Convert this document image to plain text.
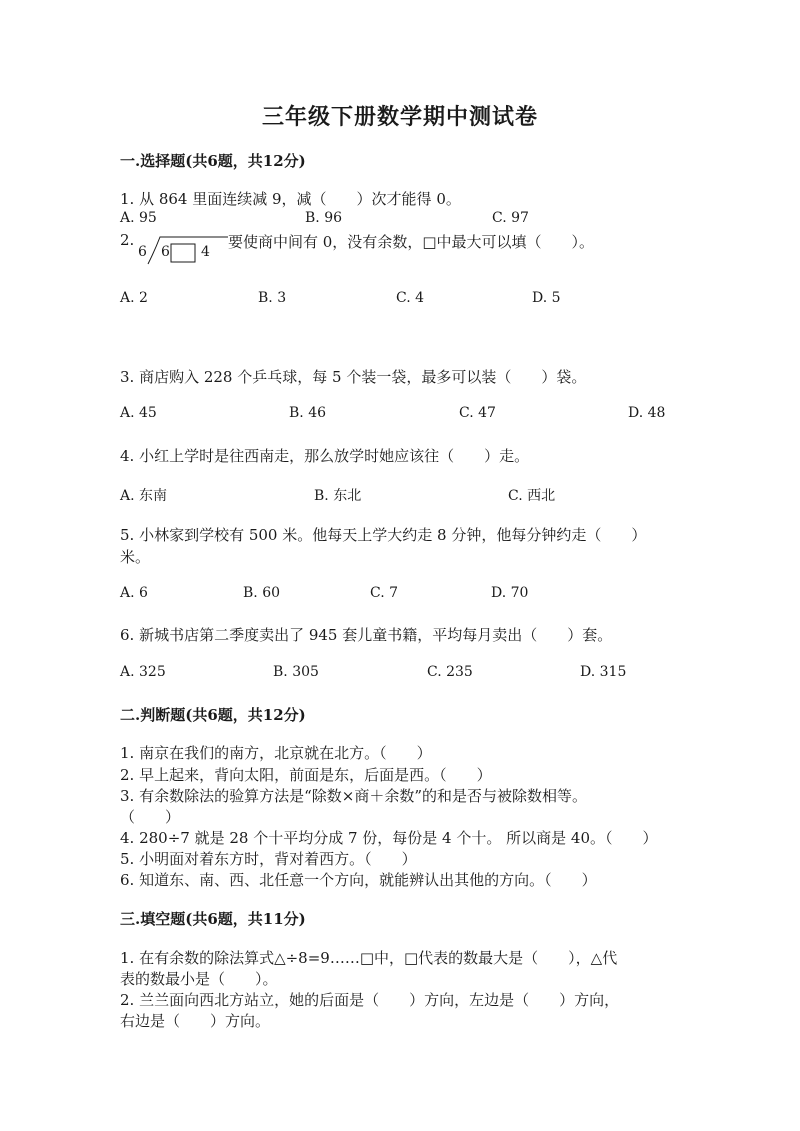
三年级下册数学期中测试卷
一.选择题(共6题，共12分)
1. 从 864 里面连续减 9，减（　　）次才能得 0。
A. 95	B. 96	C. 97
2.
6 6 4
要使商中间有 0，没有余数，□中最大可以填（　　）。
A. 2	B. 3	C. 4	D. 5
3. 商店购入 228 个乒乓球，每 5 个装一袋，最多可以装（　　）袋。
A. 45	B. 46	C. 47	D. 48
4. 小红上学时是往西南走，那么放学时她应该往（　　）走。
A. 东南	B. 东北	C. 西北
5. 小林家到学校有 500 米。他每天上学大约走 8 分钟，他每分钟约走（　　）
米。
A. 6	B. 60	C. 7	D. 70
6. 新城书店第二季度卖出了 945 套儿童书籍，平均每月卖出（　　）套。
A. 325	B. 305	C. 235	D. 315
二.判断题(共6题，共12分)
1. 南京在我们的南方，北京就在北方。（　　）
2. 早上起来，背向太阳，前面是东，后面是西。（　　）
3. 有余数除法的验算方法是“除数×商＋余数”的和是否与被除数相等。
（　　）
4. 280÷7 就是 28 个十平均分成 7 份，每份是 4 个十。 所以商是 40。（　　）
5. 小明面对着东方时，背对着西方。（　　）
6. 知道东、南、西、北任意一个方向，就能辨认出其他的方向。（　　）
三.填空题(共6题，共11分)
1. 在有余数的除法算式△÷8=9……□中，□代表的数最大是（　　），△代
表的数最小是（　　）。
2. 兰兰面向西北方站立，她的后面是（　　）方向，左边是（　　）方向，
右边是（　　）方向。
